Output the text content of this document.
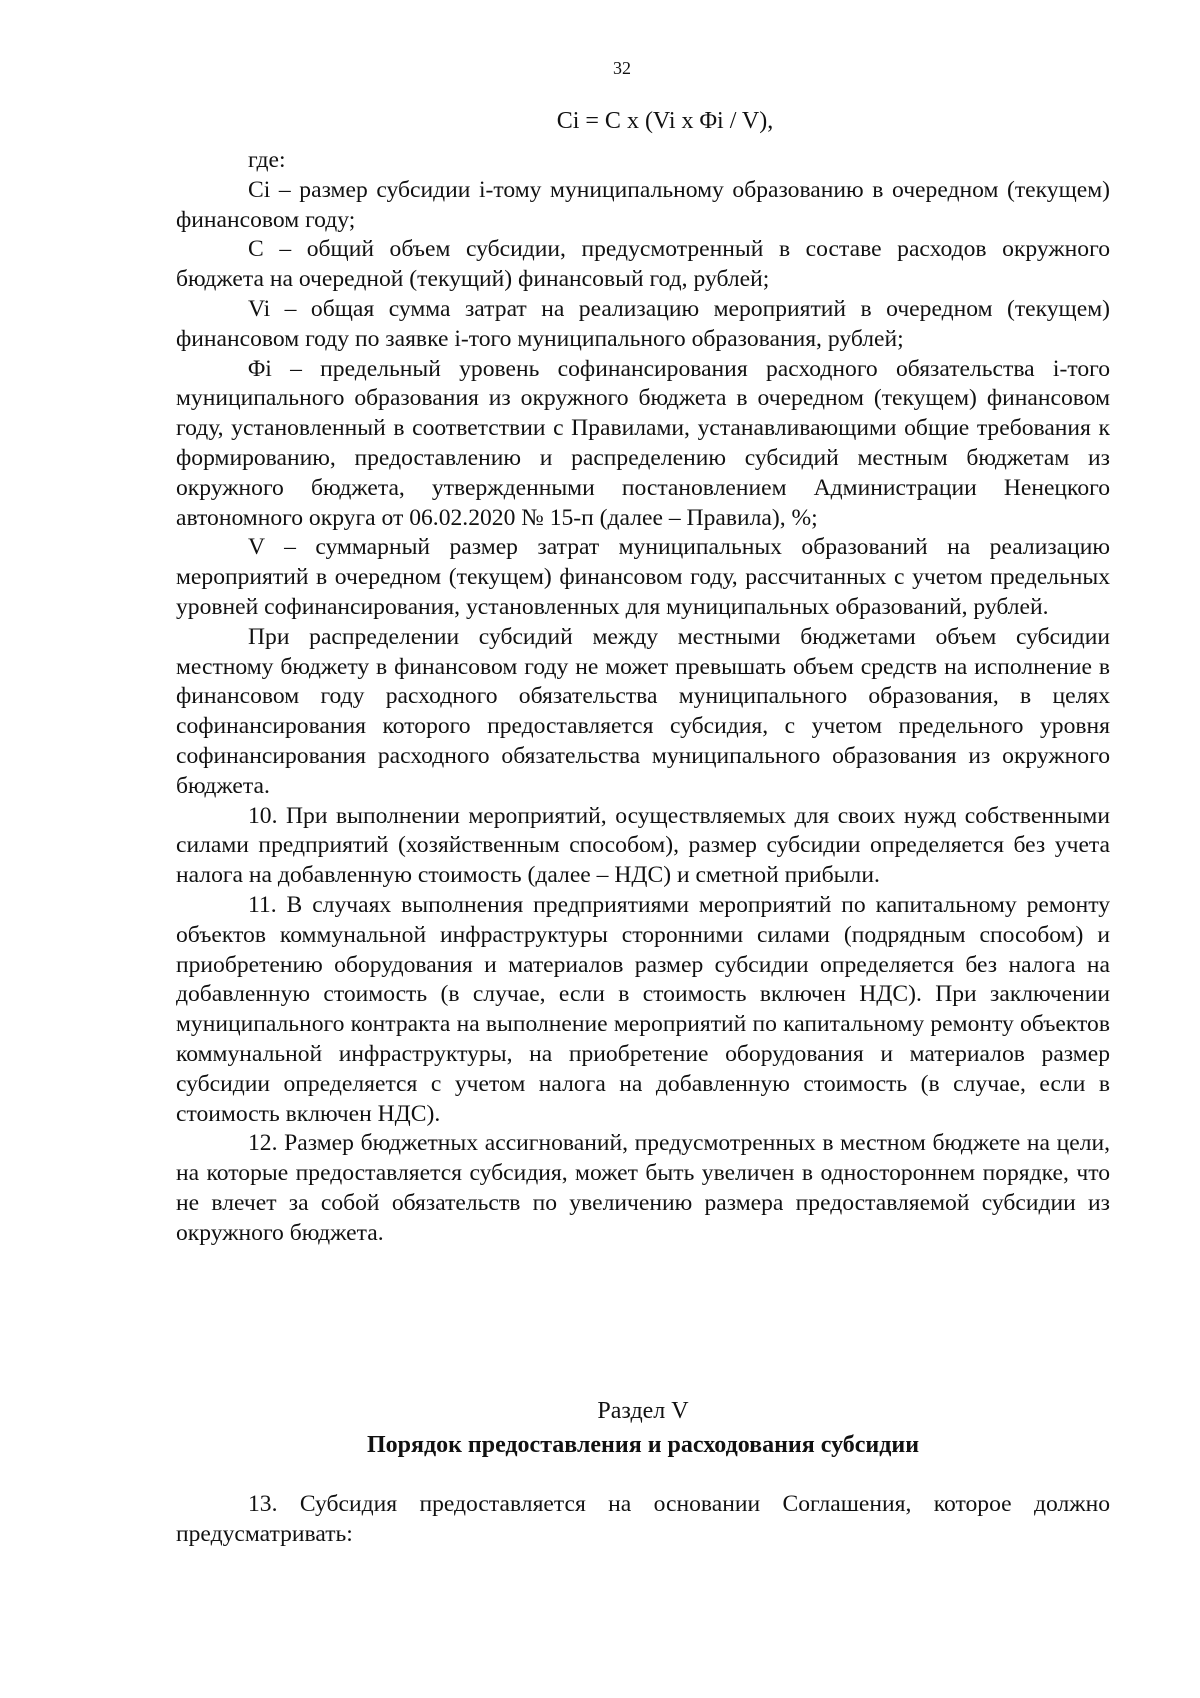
32
Ci = C x (Vi x Φi / V),

где:

Ci – размер субсидии i-тому муниципальному образованию в очередном (текущем) финансовом году;

C – общий объем субсидии, предусмотренный в составе расходов окружного бюджета на очередной (текущий) финансовый год, рублей;

Vi – общая сумма затрат на реализацию мероприятий в очередном (текущем) финансовом году по заявке i-того муниципального образования, рублей;

Φi – предельный уровень софинансирования расходного обязательства i-того муниципального образования из окружного бюджета в очередном (текущем) финансовом году, установленный в соответствии с Правилами, устанавливающими общие требования к формированию, предоставлению и распределению субсидий местным бюджетам из окружного бюджета, утвержденными постановлением Администрации Ненецкого автономного округа от 06.02.2020 № 15-п (далее – Правила), %;

V – суммарный размер затрат муниципальных образований на реализацию мероприятий в очередном (текущем) финансовом году, рассчитанных с учетом предельных уровней софинансирования, установленных для муниципальных образований, рублей.

При распределении субсидий между местными бюджетами объем субсидии местному бюджету в финансовом году не может превышать объем средств на исполнение в финансовом году расходного обязательства муниципального образования, в целях софинансирования которого предоставляется субсидия, с учетом предельного уровня софинансирования расходного обязательства муниципального образования из окружного бюджета.

10. При выполнении мероприятий, осуществляемых для своих нужд собственными силами предприятий (хозяйственным способом), размер субсидии определяется без учета налога на добавленную стоимость (далее – НДС) и сметной прибыли.

11. В случаях выполнения предприятиями мероприятий по капитальному ремонту объектов коммунальной инфраструктуры сторонними силами (подрядным способом) и приобретению оборудования и материалов размер субсидии определяется без налога на добавленную стоимость (в случае, если в стоимость включен НДС). При заключении муниципального контракта на выполнение мероприятий по капитальному ремонту объектов коммунальной инфраструктуры, на приобретение оборудования и материалов размер субсидии определяется с учетом налога на добавленную стоимость (в случае, если в стоимость включен НДС).

12. Размер бюджетных ассигнований, предусмотренных в местном бюджете на цели, на которые предоставляется субсидия, может быть увеличен в одностороннем порядке, что не влечет за собой обязательств по увеличению размера предоставляемой субсидии из окружного бюджета.

Раздел V
Порядок предоставления и расходования субсидии

13. Субсидия предоставляется на основании Соглашения, которое должно предусматривать:
